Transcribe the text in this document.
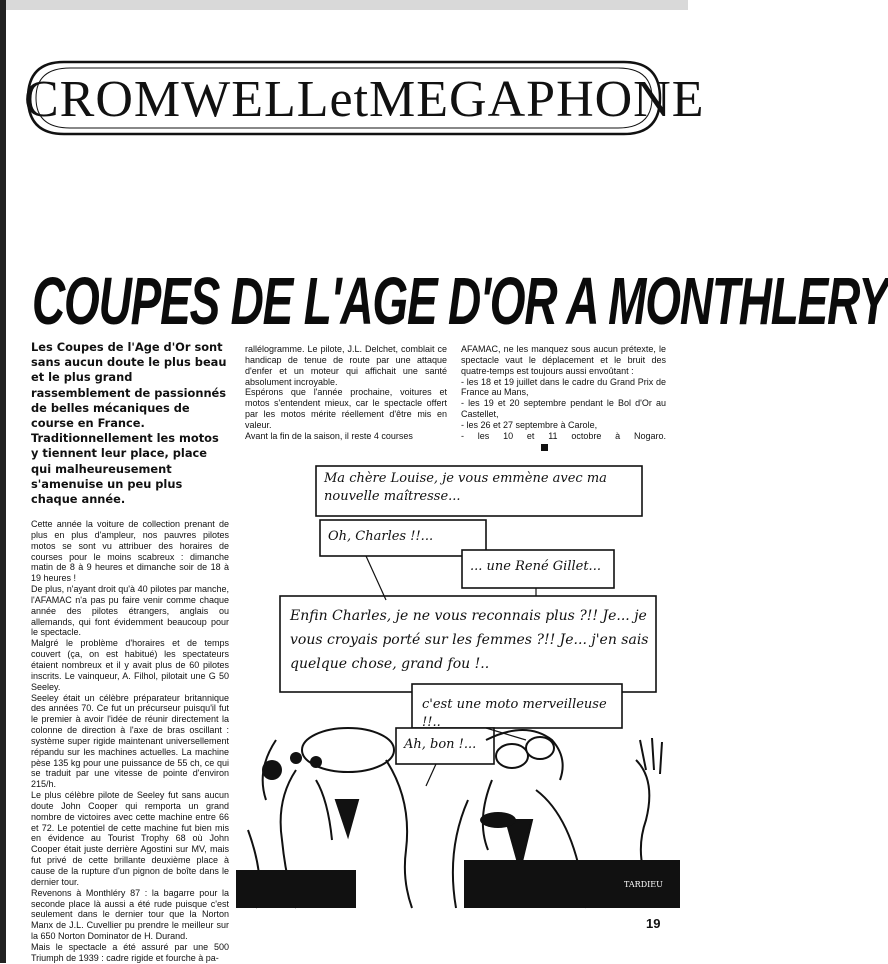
CROMWELLetMEGAPHONE
COUPES DE L'AGE D'OR A MONTHLERY

Les Coupes de l'Age d'Or sont sans aucun doute le plus beau et le plus grand rassemblement de passionnés de belles mécaniques de course en France. Traditionnellement les motos y tiennent leur place, place qui malheureusement s'amenuise un peu plus chaque année.

Cette année la voiture de collection prenant de plus en plus d'ampleur, nos pauvres pilotes motos se sont vu attribuer des horaires de courses pour le moins scabreux : dimanche matin de 8 à 9 heures et dimanche soir de 18 à 19 heures !

De plus, n'ayant droit qu'à 40 pilotes par manche, l'AFAMAC n'a pas pu faire venir comme chaque année des pilotes étrangers, anglais ou allemands, qui font évidemment beaucoup pour le spectacle.

Malgré le problème d'horaires et de temps couvert (ça, on est habitué) les spectateurs étaient nombreux et il y avait plus de 60 pilotes inscrits. Le vainqueur, A. Filhol, pilotait une G 50 Seeley.

Seeley était un célèbre préparateur britannique des années 70. Ce fut un précurseur puisqu'il fut le premier à avoir l'idée de réunir directement la colonne de direction à l'axe de bras oscillant : système super rigide maintenant universellement répandu sur les machines actuelles. La machine pèse 135 kg pour une puissance de 55 ch, ce qui se traduit par une vitesse de pointe d'environ 215/h.

Le plus célèbre pilote de Seeley fut sans aucun doute John Cooper qui remporta un grand nombre de victoires avec cette machine entre 66 et 72. Le potentiel de cette machine fut bien mis en évidence au Tourist Trophy 68 où John Cooper était juste derrière Agostini sur MV, mais fut privé de cette brillante deuxième place à cause de la rupture d'un pignon de boîte dans le dernier tour.

Revenons à Monthléry 87 : la bagarre pour la seconde place là aussi a été rude puisque c'est seulement dans le dernier tour que la Norton Manx de J.L. Cuvellier pu prendre le meilleur sur la 650 Norton Dominator de H. Durand.

Mais le spectacle a été assuré par une 500 Triumph de 1939 : cadre rigide et fourche à pa-

rallélogramme. Le pilote, J.L. Delchet, comblait ce handicap de tenue de route par une attaque d'enfer et un moteur qui affichait une santé absolument incroyable.

Espérons que l'année prochaine, voitures et motos s'entendent mieux, car le spectacle offert par les motos mérite réellement d'être mis en valeur.

Avant la fin de la saison, il reste 4 courses

AFAMAC, ne les manquez sous aucun prétexte, le spectacle vaut le déplacement et le bruit des quatre-temps est toujours aussi envoûtant :

- les 18 et 19 juillet dans le cadre du Grand Prix de France au Mans,

- les 19 et 20 septembre pendant le Bol d'Or au Castellet,

- les 26 et 27 septembre à Carole,

- les 10 et 11 octobre à Nogaro.

Ma chère Louise, je vous emmène avec ma nouvelle maîtresse...
Oh, Charles !!...
... une René Gillet...
Enfin Charles, je ne vous reconnais plus ?!! Je... je vous croyais porté sur les femmes ?!! Je... j'en sais quelque chose, grand fou !..
c'est une moto merveilleuse !!..
Ah, bon !...
TARDIEU
19
